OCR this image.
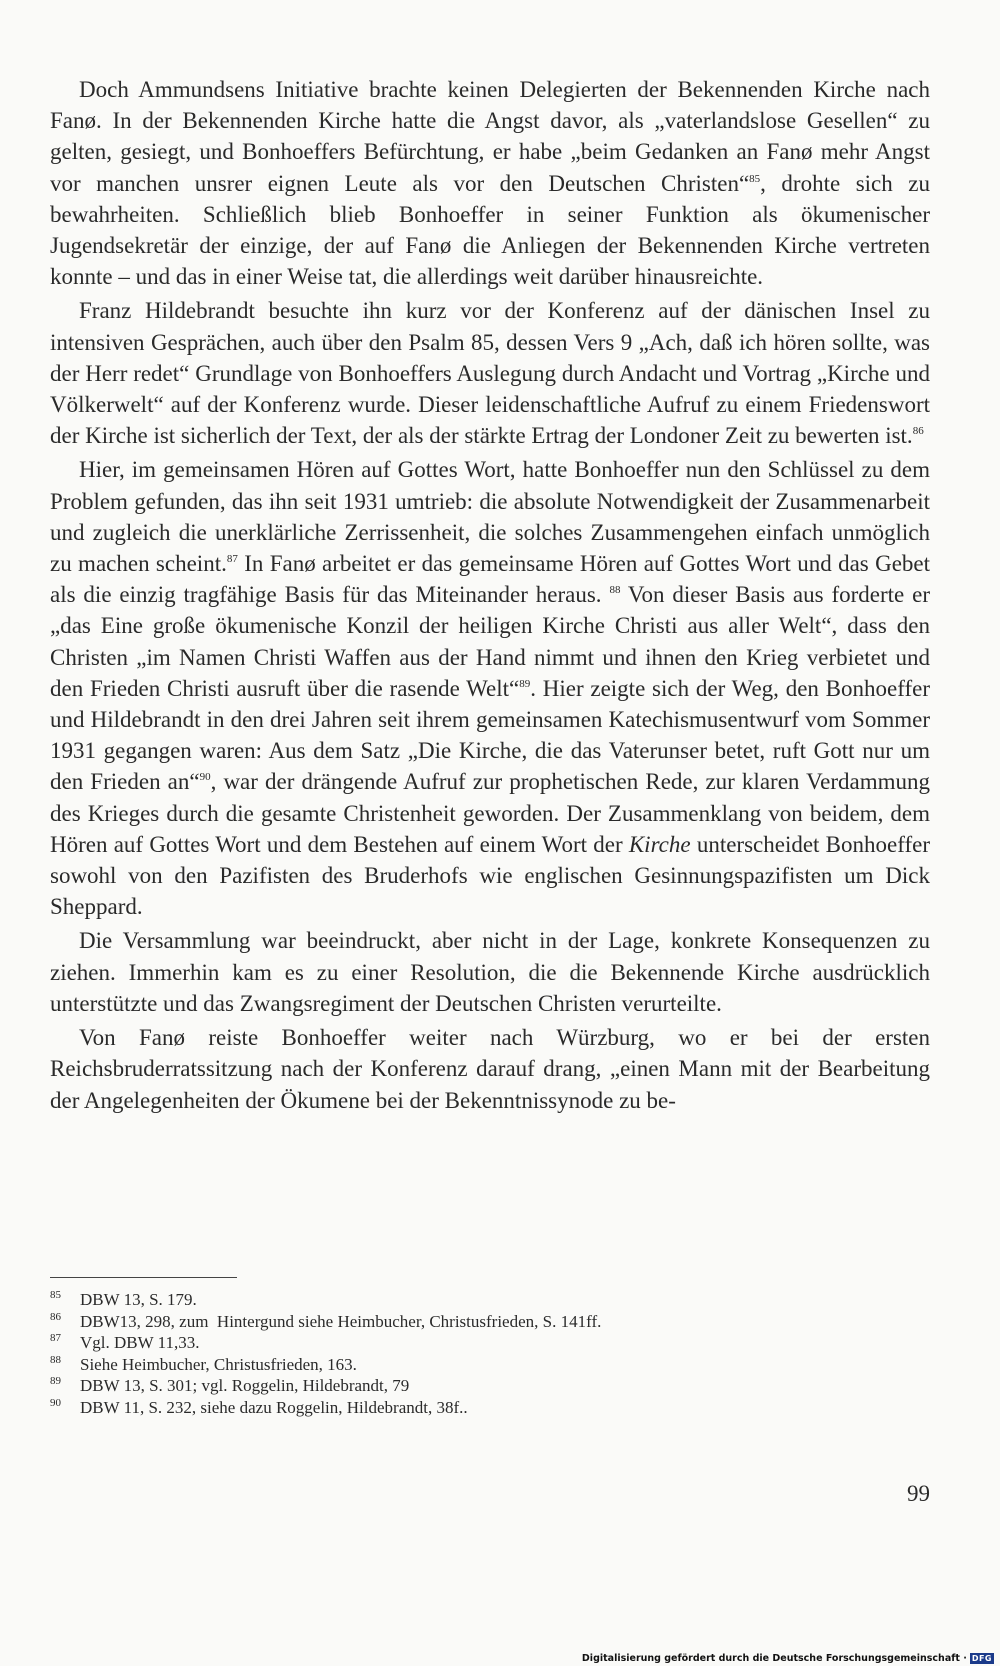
Doch Ammundsens Initiative brachte keinen Delegierten der Bekennenden Kirche nach Fanø. In der Bekennenden Kirche hatte die Angst davor, als „vaterlandslose Gesellen“ zu gelten, gesiegt, und Bonhoeffers Befürchtung, er habe „beim Gedanken an Fanø mehr Angst vor manchen unsrer eignen Leute als vor den Deutschen Christen“$^{85}$, drohte sich zu bewahrheiten. Schließlich blieb Bonhoeffer in seiner Funktion als ökumenischer Jugendsekretär der einzige, der auf Fanø die Anliegen der Bekennenden Kirche vertreten konnte – und das in einer Weise tat, die allerdings weit darüber hinausreichte.

Franz Hildebrandt besuchte ihn kurz vor der Konferenz auf der dänischen Insel zu intensiven Gesprächen, auch über den Psalm 85, dessen Vers 9 „Ach, daß ich hören sollte, was der Herr redet“ Grundlage von Bonhoeffers Auslegung durch Andacht und Vortrag „Kirche und Völkerwelt“ auf der Konferenz wurde. Dieser leidenschaftliche Aufruf zu einem Friedenswort der Kirche ist sicherlich der Text, der als der stärkte Ertrag der Londoner Zeit zu bewerten ist.$^{86}$

Hier, im gemeinsamen Hören auf Gottes Wort, hatte Bonhoeffer nun den Schlüssel zu dem Problem gefunden, das ihn seit 1931 umtrieb: die absolute Notwendigkeit der Zusammenarbeit und zugleich die unerklärliche Zerrissenheit, die solches Zusammengehen einfach unmöglich zu machen scheint.$^{87}$ In Fanø arbeitet er das gemeinsame Hören auf Gottes Wort und das Gebet als die einzig tragfähige Basis für das Miteinander heraus. $^{88}$ Von dieser Basis aus forderte er „das Eine große ökumenische Konzil der heiligen Kirche Christi aus aller Welt“, dass den Christen „im Namen Christi Waffen aus der Hand nimmt und ihnen den Krieg verbietet und den Frieden Christi ausruft über die rasende Welt“$^{89}$. Hier zeigte sich der Weg, den Bonhoeffer und Hildebrandt in den drei Jahren seit ihrem gemeinsamen Katechismusentwurf vom Sommer 1931 gegangen waren: Aus dem Satz „Die Kirche, die das Vaterunser betet, ruft Gott nur um den Frieden an“$^{90}$, war der drängende Aufruf zur prophetischen Rede, zur klaren Verdammung des Krieges durch die gesamte Christenheit geworden. Der Zusammenklang von beidem, dem Hören auf Gottes Wort und dem Bestehen auf einem Wort der Kirche unterscheidet Bonhoeffer sowohl von den Pazifisten des Bruderhofs wie englischen Gesinnungspazifisten um Dick Sheppard.

Die Versammlung war beeindruckt, aber nicht in der Lage, konkrete Konsequenzen zu ziehen. Immerhin kam es zu einer Resolution, die die Bekennende Kirche ausdrücklich unterstützte und das Zwangsregiment der Deutschen Christen verurteilte.

Von Fanø reiste Bonhoeffer weiter nach Würzburg, wo er bei der ersten Reichsbruderratssitzung nach der Konferenz darauf drang, „einen Mann mit der Bearbeitung der Angelegenheiten der Ökumene bei der Bekenntnissynode zu be-

85	DBW 13, S. 179.
86	DBW13, 298, zum  Hintergund siehe Heimbucher, Christusfrieden, S. 141ff.
87	Vgl. DBW 11,33.
88	Siehe Heimbucher, Christusfrieden, 163.
89	DBW 13, S. 301; vgl. Roggelin, Hildebrandt, 79
90	DBW 11, S. 232, siehe dazu Roggelin, Hildebrandt, 38f..
99
Digitalisierung gefördert durch die Deutsche Forschungsgemeinschaft · DFG
